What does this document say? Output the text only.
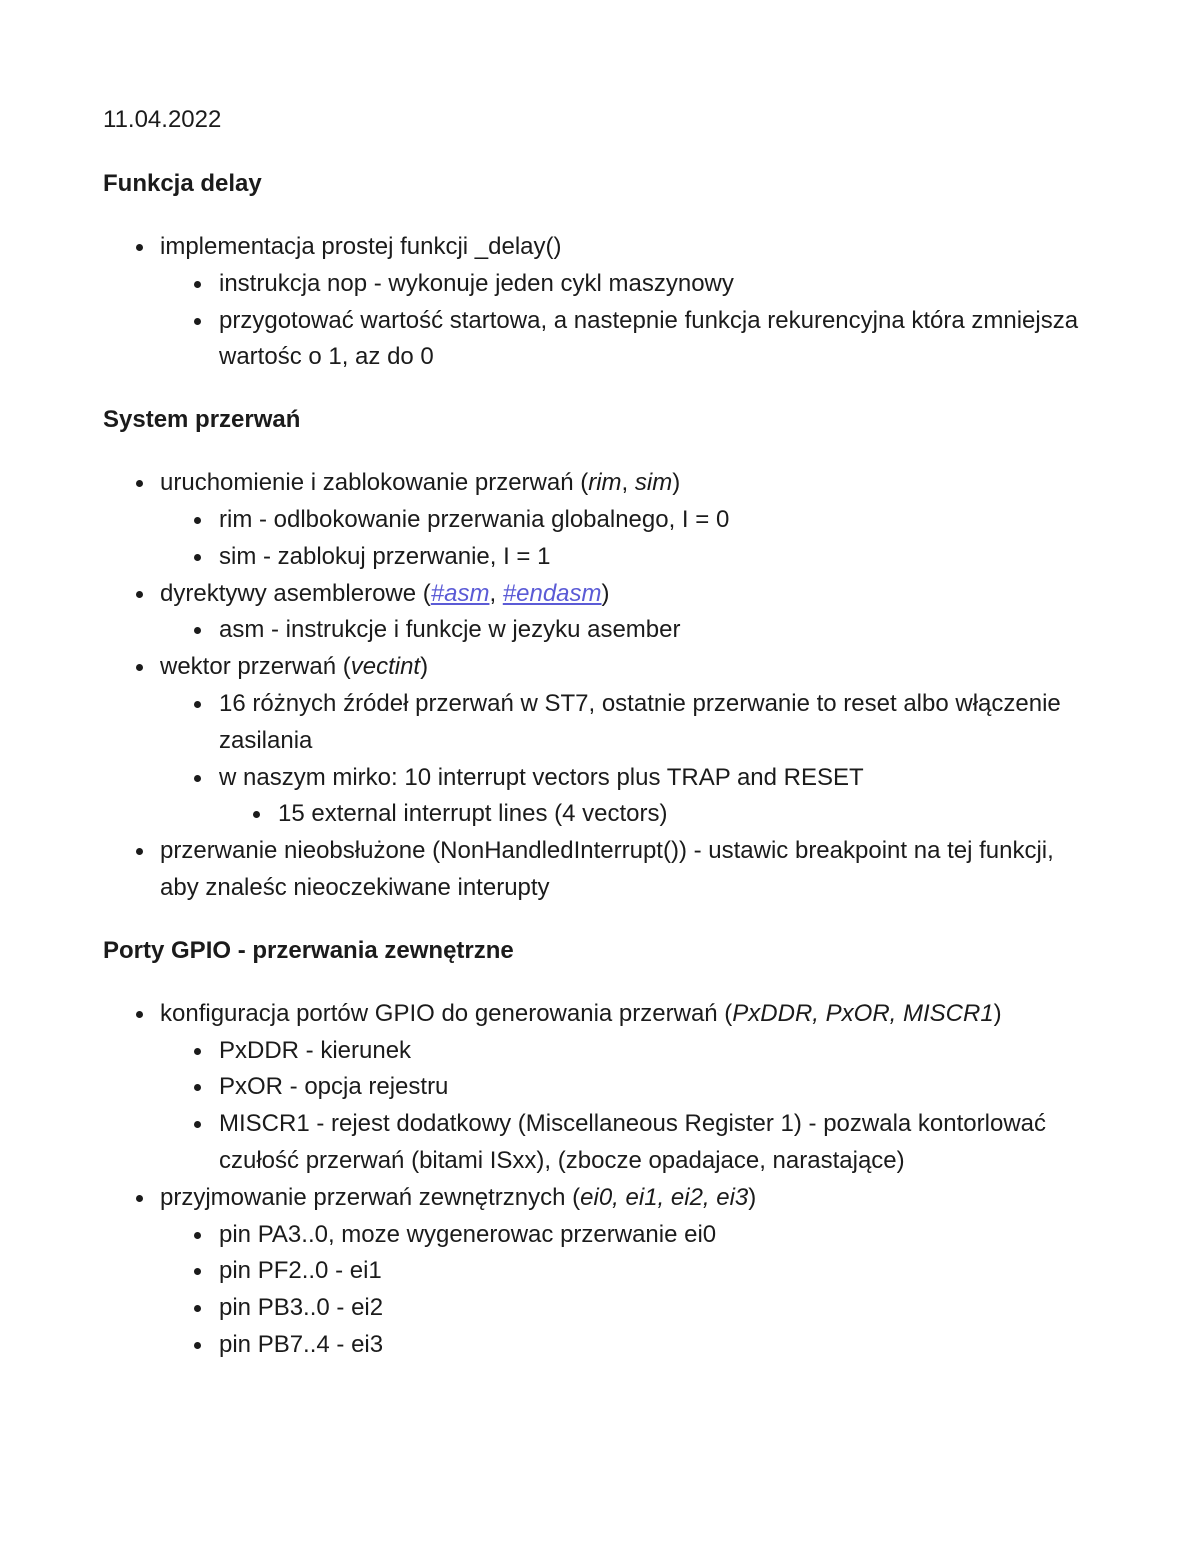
11.04.2022
Funkcja delay
implementacja prostej funkcji _delay()
instrukcja nop - wykonuje jeden cykl maszynowy
przygotować wartość startowa, a nastepnie funkcja rekurencyjna która zmniejsza wartośc o 1, az do 0
System przerwań
uruchomienie i zablokowanie przerwań (rim, sim)
rim - odlbokowanie przerwania globalnego, I = 0
sim - zablokuj przerwanie, I = 1
dyrektywy asemblerowe (#asm, #endasm)
asm - instrukcje i funkcje w jezyku asember
wektor przerwań (vectint)
16 różnych źródeł przerwań w ST7, ostatnie przerwanie to reset albo włączenie zasilania
w naszym mirko: 10 interrupt vectors plus TRAP and RESET
15 external interrupt lines (4 vectors)
przerwanie nieobsłużone (NonHandledInterrupt()) - ustawic breakpoint na tej funkcji, aby znaleśc nieoczekiwane interupty
Porty GPIO - przerwania zewnętrzne
konfiguracja portów GPIO do generowania przerwań (PxDDR, PxOR, MISCR1)
PxDDR - kierunek
PxOR - opcja rejestru
MISCR1 - rejest dodatkowy (Miscellaneous Register 1) - pozwala kontorlować czułość przerwań (bitami ISxx), (zbocze opadajace, narastające)
przyjmowanie przerwań zewnętrznych (ei0, ei1, ei2, ei3)
pin PA3..0, moze wygenerowac przerwanie ei0
pin PF2..0 - ei1
pin PB3..0 - ei2
pin PB7..4 - ei3
